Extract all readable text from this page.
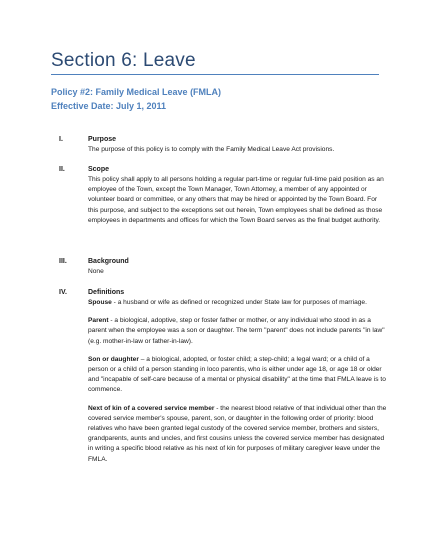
Section 6: Leave
Policy #2: Family Medical Leave (FMLA)
Effective Date: July 1, 2011
I.	Purpose

The purpose of this policy is to comply with the Family Medical Leave Act provisions.

II.	Scope

This policy shall apply to all persons holding a regular part-time or regular full-time paid position as an employee of the Town, except the Town Manager, Town Attorney, a member of any appointed or volunteer board or committee, or any others that may be hired or appointed by the Town Board. For this purpose, and subject to the exceptions set out herein, Town employees shall be defined as those employees in departments and offices for which the Town Board serves as the final budget authority.

III.	Background

None

IV.	Definitions

Spouse - a husband or wife as defined or recognized under State law for purposes of marriage.

Parent - a biological, adoptive, step or foster father or mother, or any individual who stood in as a parent when the employee was a son or daughter. The term "parent" does not include parents "in law" (e.g. mother-in-law or father-in-law).

Son or daughter – a biological, adopted, or foster child; a step-child; a legal ward; or a child of a person or a child of a person standing in loco parentis, who is either under age 18, or age 18 or older and "incapable of self-care because of a mental or physical disability" at the time that FMLA leave is to commence.

Next of kin of a covered service member - the nearest blood relative of that individual other than the covered service member's spouse, parent, son, or daughter in the following order of priority: blood relatives who have been granted legal custody of the covered service member, brothers and sisters, grandparents, aunts and uncles, and first cousins unless the covered service member has designated in writing a specific blood relative as his next of kin for purposes of military caregiver leave under the FMLA.
